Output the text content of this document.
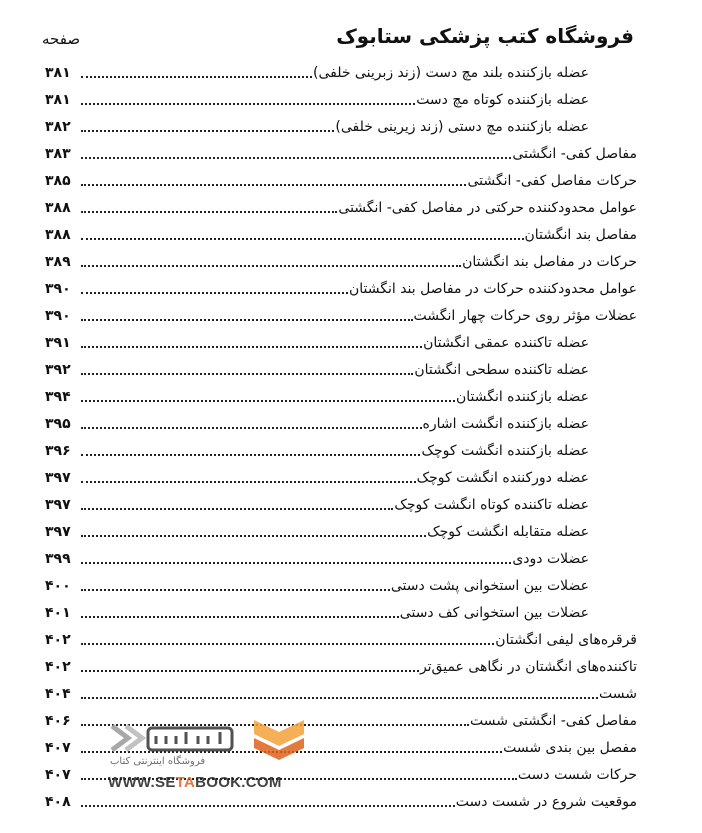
فروشگاه کتب پزشکی ستابوک
صفحه
عضله بازکننده بلند مچ دست (زند زبرینی خلفی)
۳۸۱
عضله بازکننده کوتاه مچ دست
۳۸۱
عضله بازکننده مچ دستی (زند زیرینی خلفی)
۳۸۲
مفاصل کفی- انگشتی
۳۸۳
حرکات مفاصل کفی- انگشتی
۳۸۵
عوامل محدودکننده حرکتی در مفاصل کفی- انگشتی
۳۸۸
مفاصل بند انگشتان
۳۸۸
حرکات در مفاصل بند انگشتان
۳۸۹
عوامل محدودکننده حرکات در مفاصل بند انگشتان
۳۹۰
عضلات مؤثر روی حرکات چهار انگشت
۳۹۰
عضله تاکننده عمقی انگشتان
۳۹۱
عضله تاکننده سطحی انگشتان
۳۹۲
عضله بازکننده انگشتان
۳۹۴
عضله بازکننده انگشت اشاره
۳۹۵
عضله بازکننده انگشت کوچک
۳۹۶
عضله دورکننده انگشت کوچک
۳۹۷
عضله تاکننده کوتاه انگشت کوچک
۳۹۷
عضله متقابله انگشت کوچک
۳۹۷
عضلات دودی
۳۹۹
عضلات بین استخوانی پشت دستی
۴۰۰
عضلات بین استخوانی کف دستی
۴۰۱
قرقره‌های لیفی انگشتان
۴۰۲
تاکننده‌های انگشتان در نگاهی عمیق‌تر
۴۰۲
شست
۴۰۴
مفاصل کفی- انگشتی شست
۴۰۶
مفصل بین بندی شست
۴۰۷
حرکات شست دست
۴۰۷
موقعیت شروع در شست دست
۴۰۸
فروشگاه اینترنتی کتاب
WWW.SETABOOK.COM
